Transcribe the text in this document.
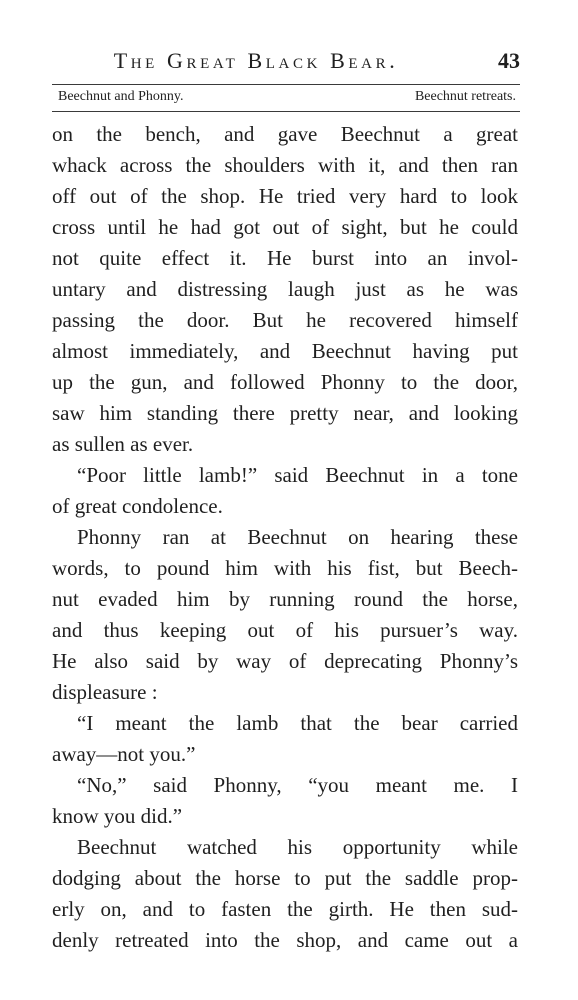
The Great Black Bear.	43
Beechnut and Phonny.	Beechnut retreats.
on the bench, and gave Beechnut a great
whack across the shoulders with it, and then ran
off out of the shop. He tried very hard to look
cross until he had got out of sight, but he could
not quite effect it. He burst into an invol-
untary and distressing laugh just as he was
passing the door. But he recovered himself
almost immediately, and Beechnut having put
up the gun, and followed Phonny to the door,
saw him standing there pretty near, and looking
as sullen as ever.
“Poor little lamb!” said Beechnut in a tone
of great condolence.
Phonny ran at Beechnut on hearing these
words, to pound him with his fist, but Beech-
nut evaded him by running round the horse,
and thus keeping out of his pursuer’s way.
He also said by way of deprecating Phonny’s
displeasure :
“I meant the lamb that the bear carried
away—not you.”
“No,” said Phonny, “you meant me. I
know you did.”
Beechnut watched his opportunity while
dodging about the horse to put the saddle prop-
erly on, and to fasten the girth. He then sud-
denly retreated into the shop, and came out a
